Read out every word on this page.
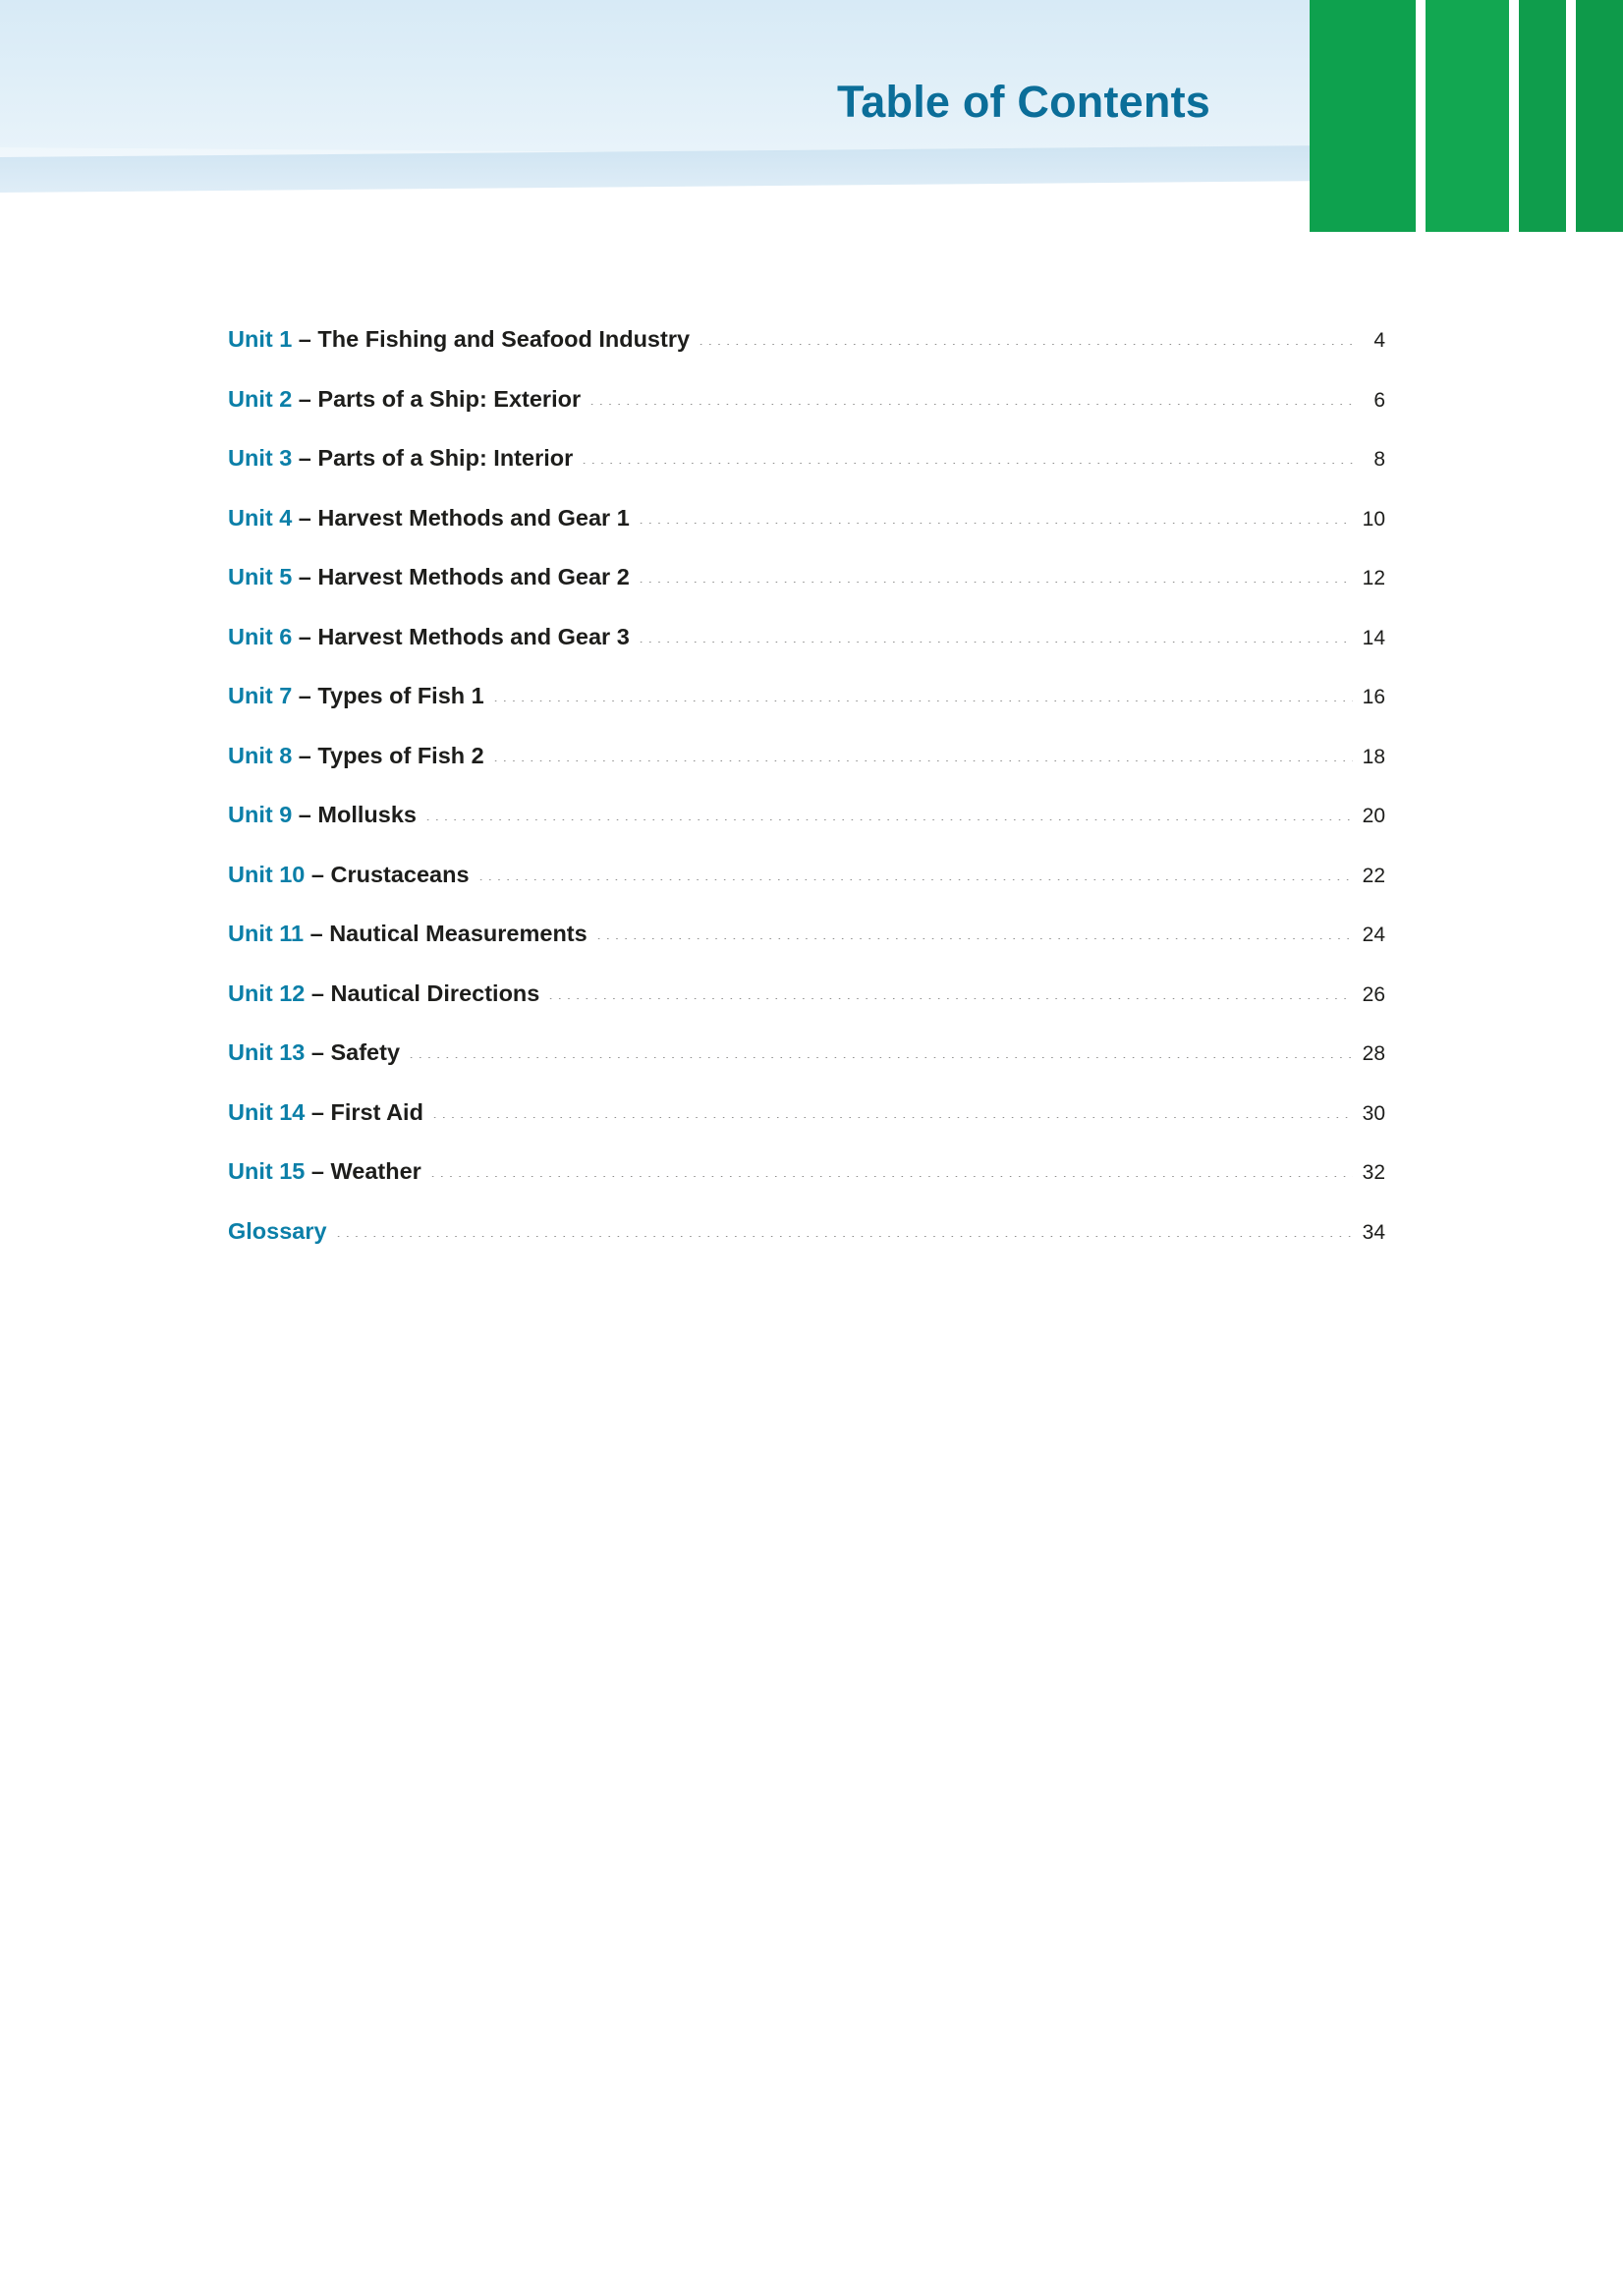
Table of Contents
Unit 1 – The Fishing and Seafood Industry	4
Unit 2 – Parts of a Ship: Exterior	6
Unit 3 – Parts of a Ship: Interior	8
Unit 4 – Harvest Methods and Gear 1	10
Unit 5 – Harvest Methods and Gear 2	12
Unit 6 – Harvest Methods and Gear 3	14
Unit 7 – Types of Fish 1	16
Unit 8 – Types of Fish 2	18
Unit 9 – Mollusks	20
Unit 10 – Crustaceans	22
Unit 11 – Nautical Measurements	24
Unit 12 – Nautical Directions	26
Unit 13 – Safety	28
Unit 14 – First Aid	30
Unit 15 – Weather	32
Glossary	34
